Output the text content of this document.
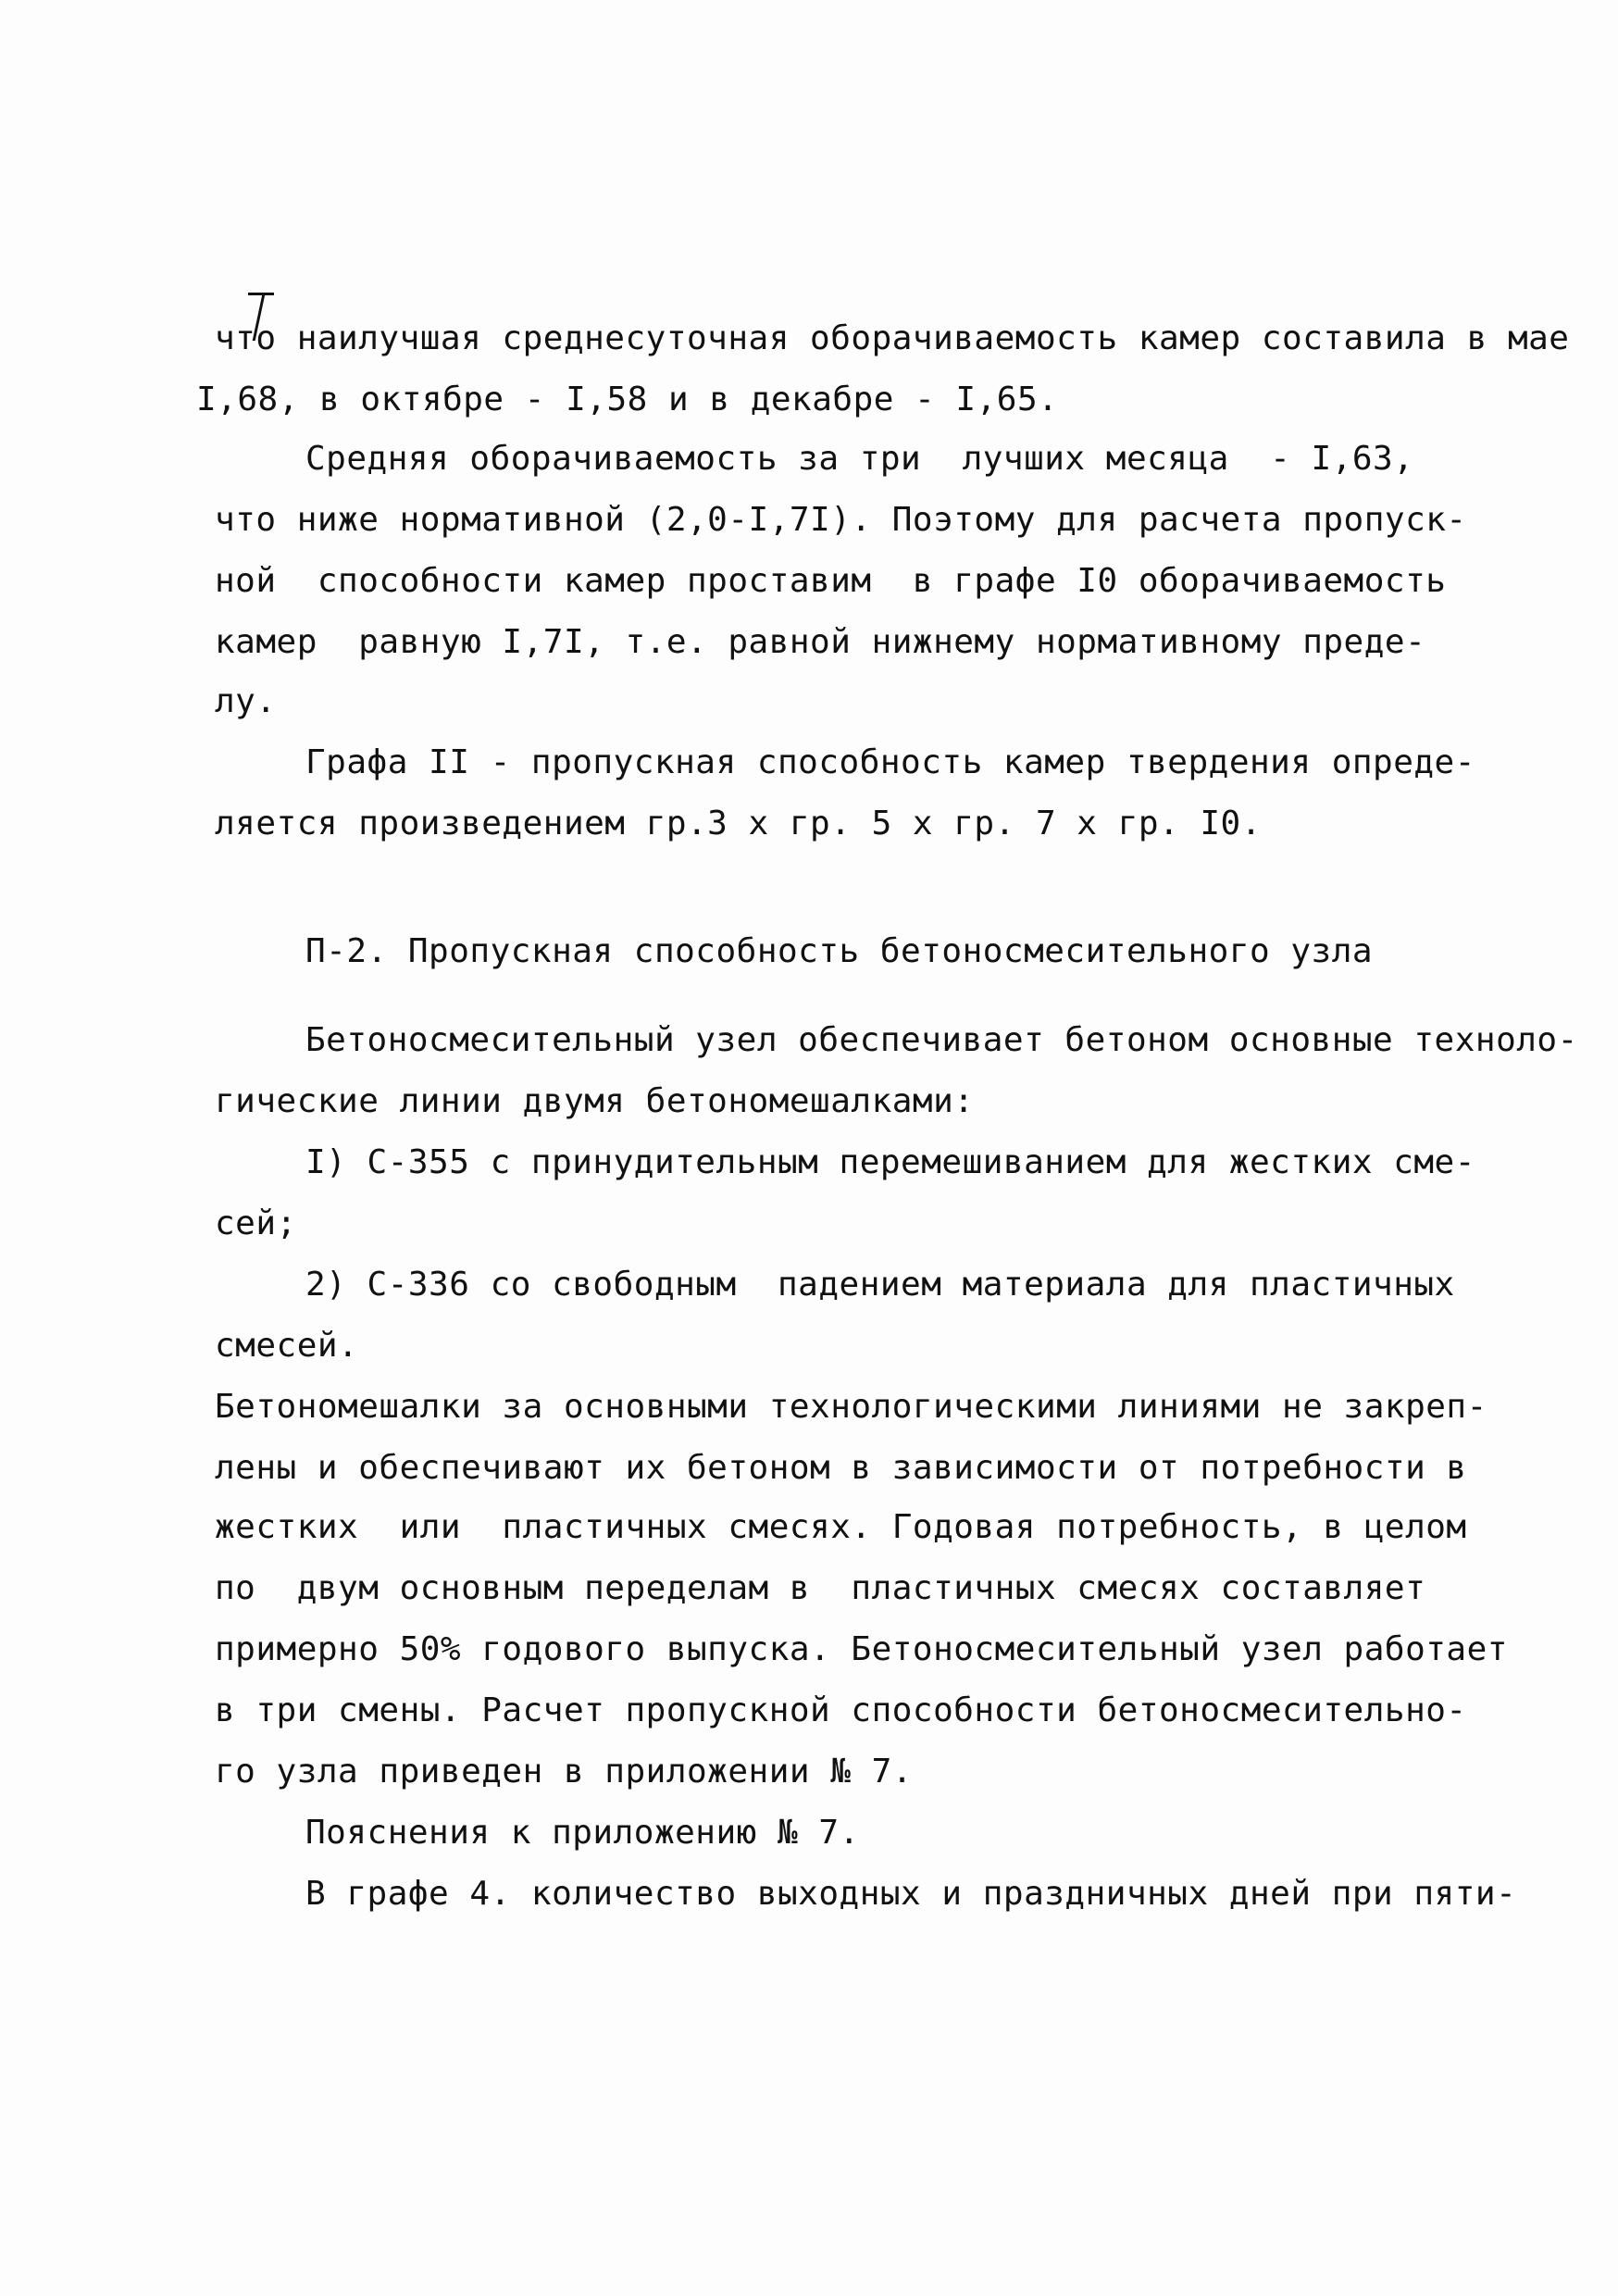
что наилучшая среднесуточная оборачиваемость камер составила в мае
I,68, в октябре - I,58 и в декабре - I,65.
Средняя оборачиваемость за три  лучших месяца  - I,63,
что ниже нормативной (2,0-I,7I). Поэтому для расчета пропуск-
ной  способности камер проставим  в графе I0 оборачиваемость
камер  равную I,7I, т.е. равной нижнему нормативному преде-
лу.
Графа II - пропускная способность камер твердения опреде-
ляется произведением гр.3 х гр. 5 х гр. 7 х гр. I0.
П-2. Пропускная способность бетоносмесительного узла
Бетоносмесительный узел обеспечивает бетоном основные техноло-
гические линии двумя бетономешалками:
I) С-355 с принудительным перемешиванием для жестких сме-
сей;
2) С-336 со свободным  падением материала для пластичных
смесей.
Бетономешалки за основными технологическими линиями не закреп-
лены и обеспечивают их бетоном в зависимости от потребности в
жестких  или  пластичных смесях. Годовая потребность, в целом
по  двум основным переделам в  пластичных смесях составляет
примерно 50% годового выпуска. Бетоносмесительный узел работает
в три смены. Расчет пропускной способности бетоносмесительно-
го узла приведен в приложении № 7.
Пояснения к приложению № 7.
В графе 4. количество выходных и праздничных дней при пяти-
